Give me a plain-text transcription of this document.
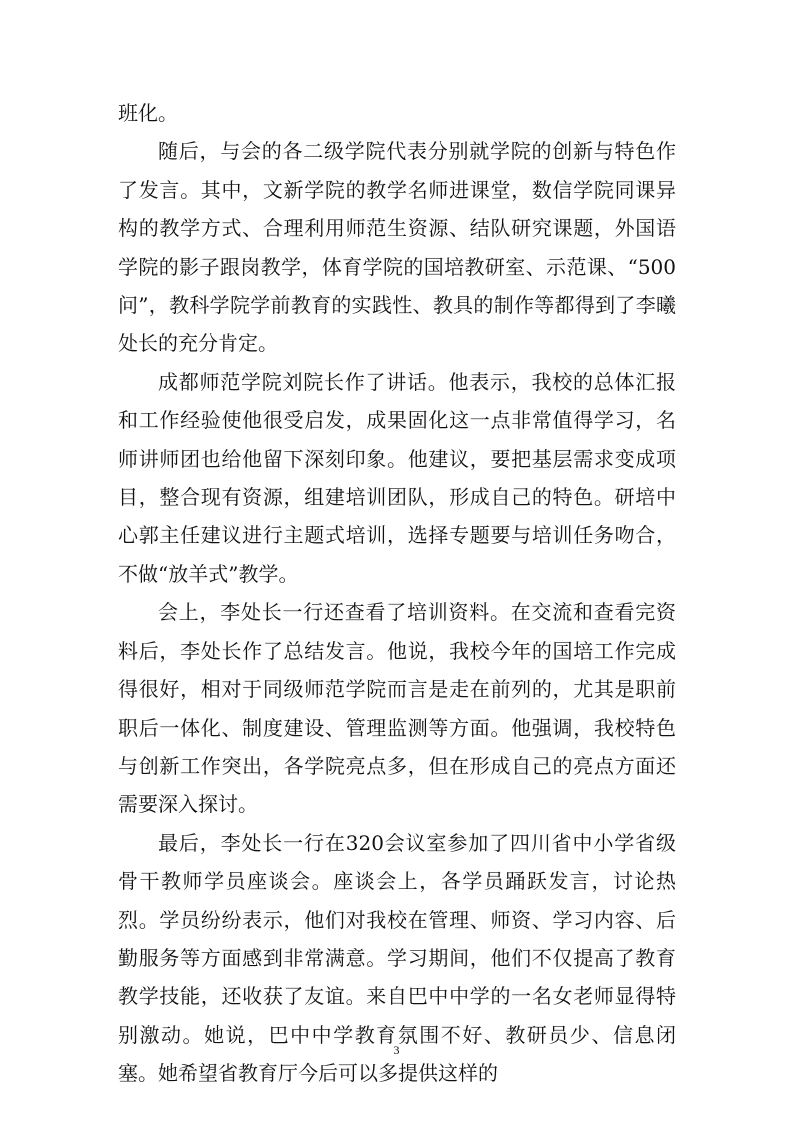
班化。

随后，与会的各二级学院代表分别就学院的创新与特色作了发言。其中，文新学院的教学名师进课堂，数信学院同课异构的教学方式、合理利用师范生资源、结队研究课题，外国语学院的影子跟岗教学，体育学院的国培教研室、示范课、“500问”，教科学院学前教育的实践性、教具的制作等都得到了李曦处长的充分肯定。

成都师范学院刘院长作了讲话。他表示，我校的总体汇报和工作经验使他很受启发，成果固化这一点非常值得学习，名师讲师团也给他留下深刻印象。他建议，要把基层需求变成项目，整合现有资源，组建培训团队，形成自己的特色。研培中心郭主任建议进行主题式培训，选择专题要与培训任务吻合，不做“放羊式”教学。

会上，李处长一行还查看了培训资料。在交流和查看完资料后，李处长作了总结发言。他说，我校今年的国培工作完成得很好，相对于同级师范学院而言是走在前列的，尤其是职前职后一体化、制度建设、管理监测等方面。他强调，我校特色与创新工作突出，各学院亮点多，但在形成自己的亮点方面还需要深入探讨。

最后，李处长一行在320会议室参加了四川省中小学省级骨干教师学员座谈会。座谈会上，各学员踊跃发言，讨论热烈。学员纷纷表示，他们对我校在管理、师资、学习内容、后勤服务等方面感到非常满意。学习期间，他们不仅提高了教育教学技能，还收获了友谊。来自巴中中学的一名女老师显得特别激动。她说，巴中中学教育氛围不好、教研员少、信息闭塞。她希望省教育厅今后可以多提供这样的

3
